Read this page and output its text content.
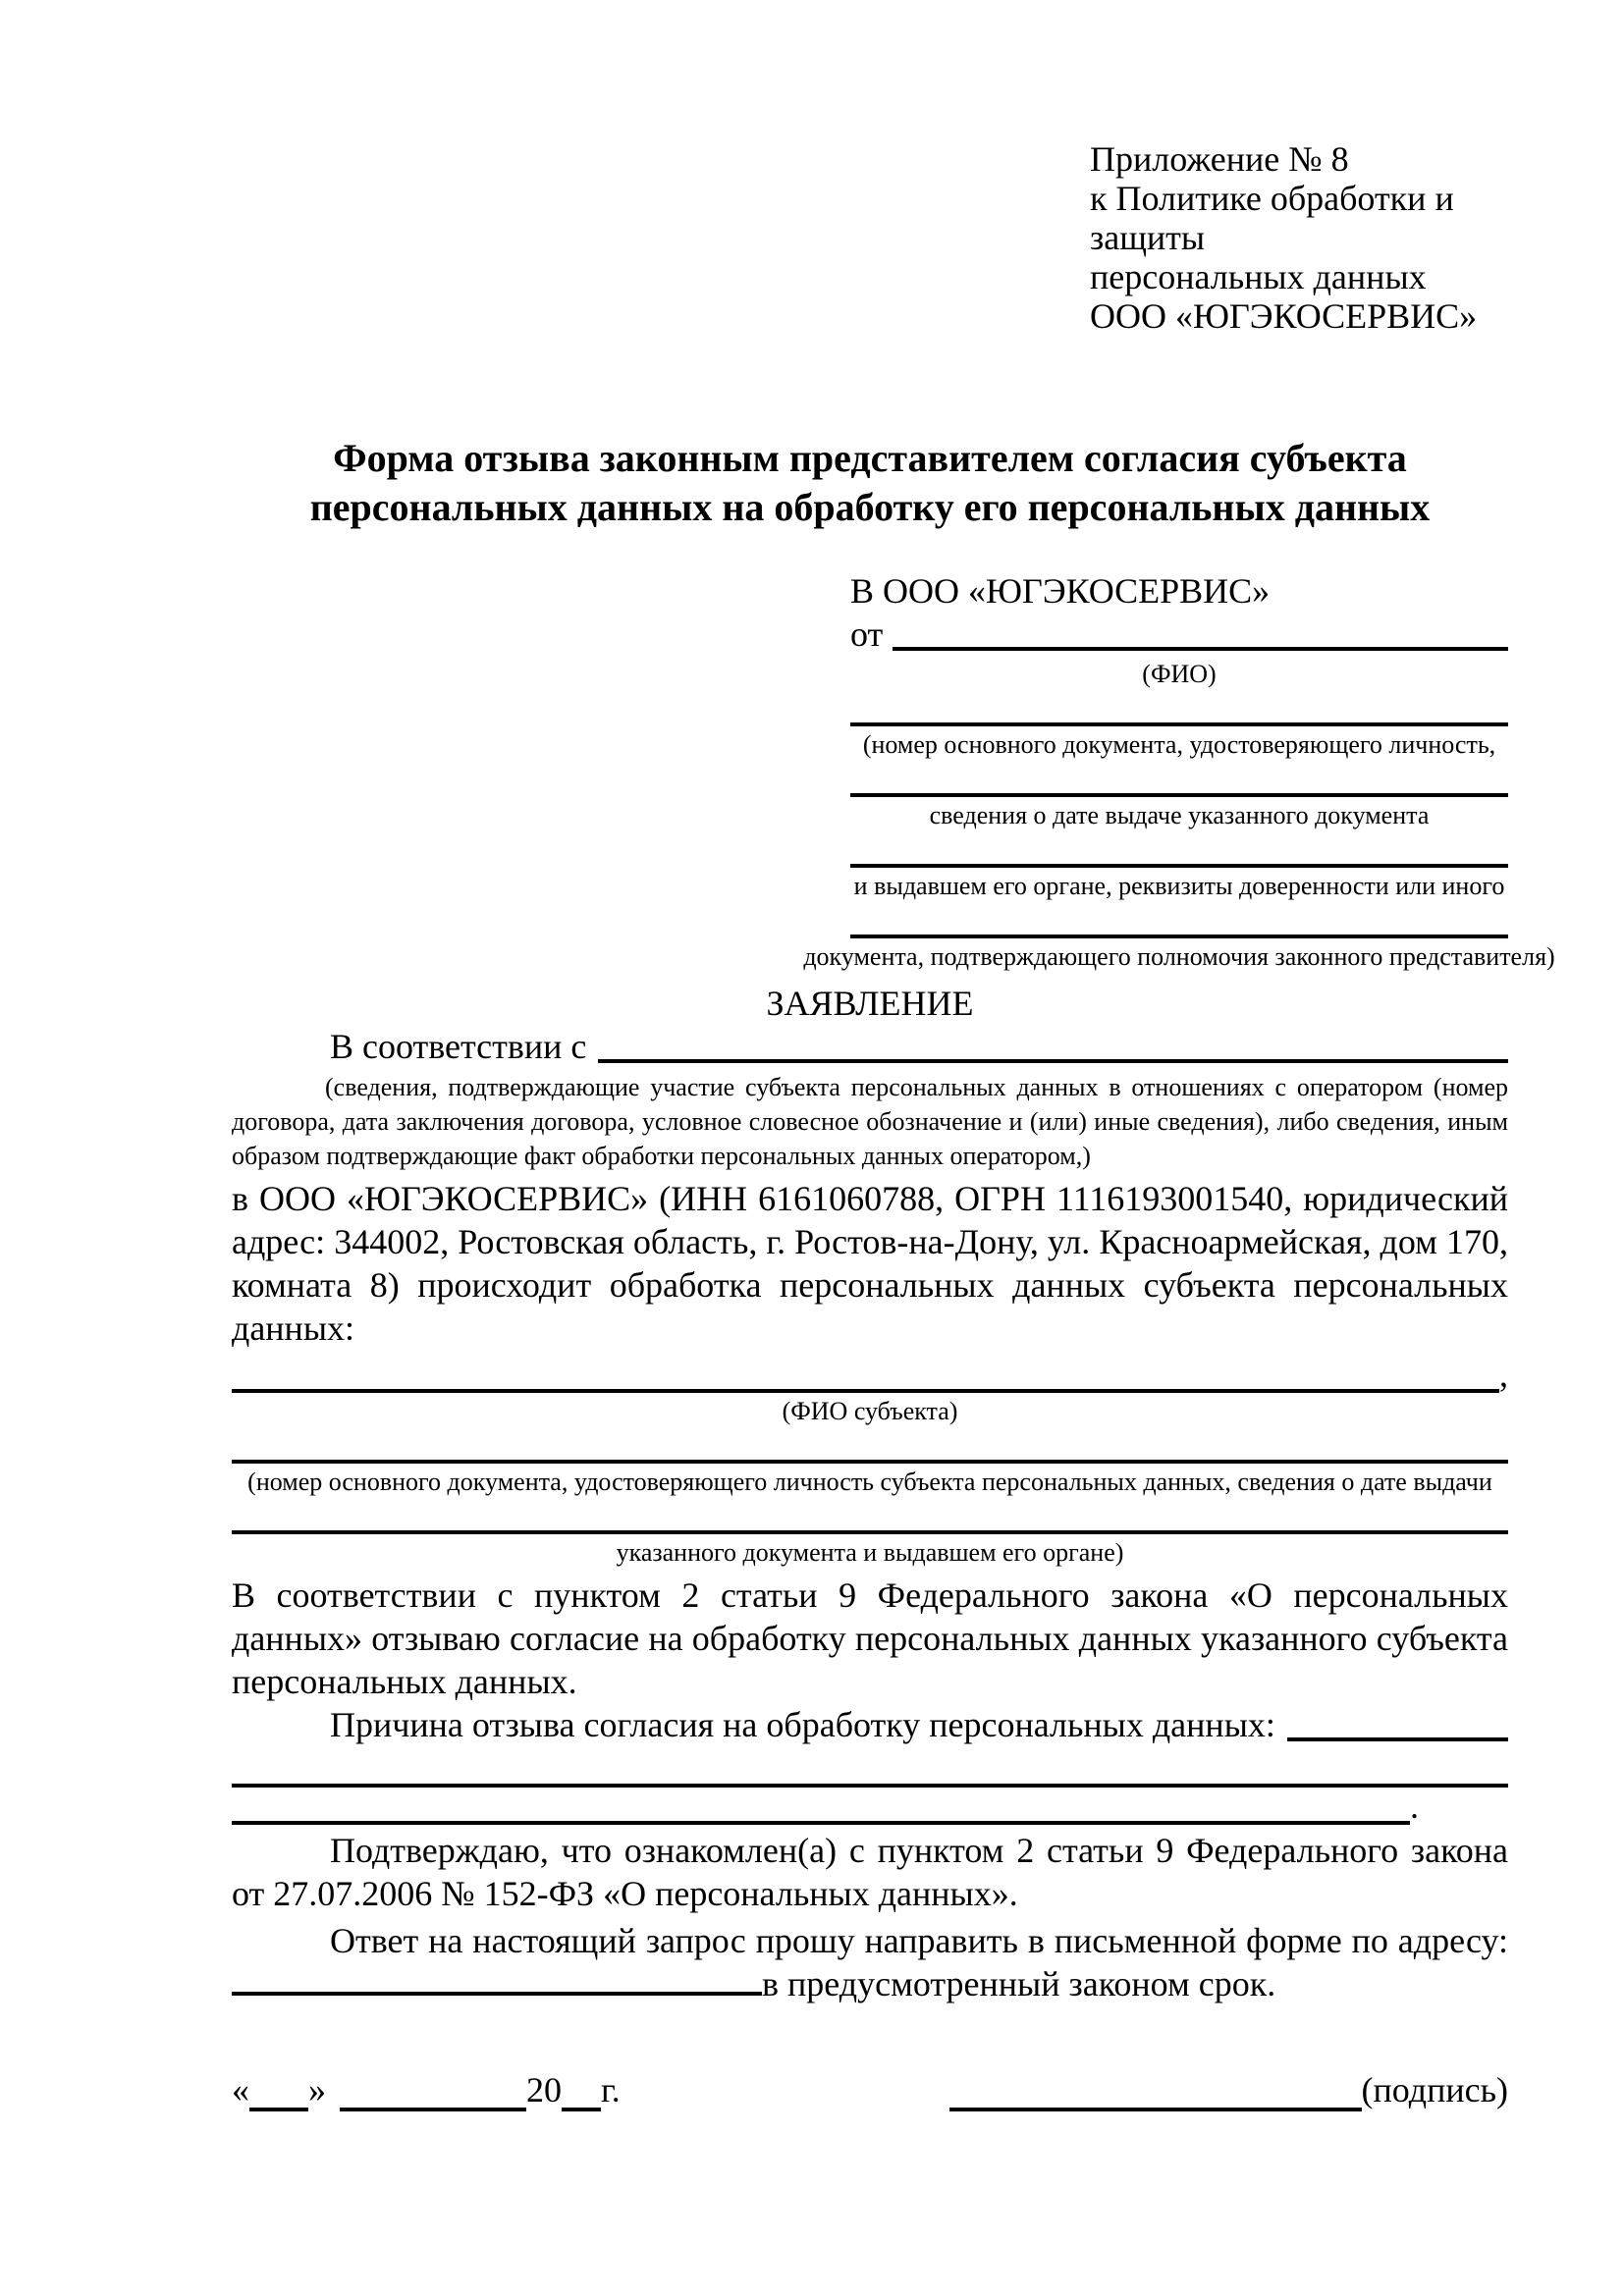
Приложение № 8
к Политике обработки и защиты
персональных данных
ООО «ЮГЭКОСЕРВИС»
Форма отзыва законным представителем согласия субъекта
персональных данных на обработку его персональных данных
В ООО «ЮГЭКОСЕРВИС»
от
(ФИО)
(номер основного документа, удостоверяющего личность,
сведения о дате выдаче указанного документа
и выдавшем его органе, реквизиты доверенности или иного
документа, подтверждающего полномочия законного представителя)
ЗАЯВЛЕНИЕ
В соответствии с
(сведения, подтверждающие участие субъекта персональных данных в отношениях с оператором (номер договора, дата заключения договора, условное словесное обозначение и (или) иные сведения), либо сведения, иным образом подтверждающие факт обработки персональных данных оператором,)
в ООО «ЮГЭКОСЕРВИС» (ИНН 6161060788, ОГРН 1116193001540, юридический адрес: 344002, Ростовская область, г. Ростов-на-Дону, ул. Красноармейская, дом 170, комната 8) происходит обработка персональных данных субъекта персональных данных:
,
(ФИО субъекта)
(номер основного документа, удостоверяющего личность субъекта персональных данных, сведения о дате выдачи
указанного документа и выдавшем его органе)
В соответствии с пунктом 2 статьи 9 Федерального закона «О персональных данных» отзываю согласие на обработку персональных данных указанного субъекта персональных данных.
Причина отзыва согласия на обработку персональных данных:
.
Подтверждаю, что ознакомлен(а) с пунктом 2 статьи 9 Федерального закона от 27.07.2006 № 152-ФЗ «О персональных данных».
Ответ на настоящий запрос прошу направить в письменной форме по адресу: в предусмотренный законом срок.
« »	20 г.	(подпись)
